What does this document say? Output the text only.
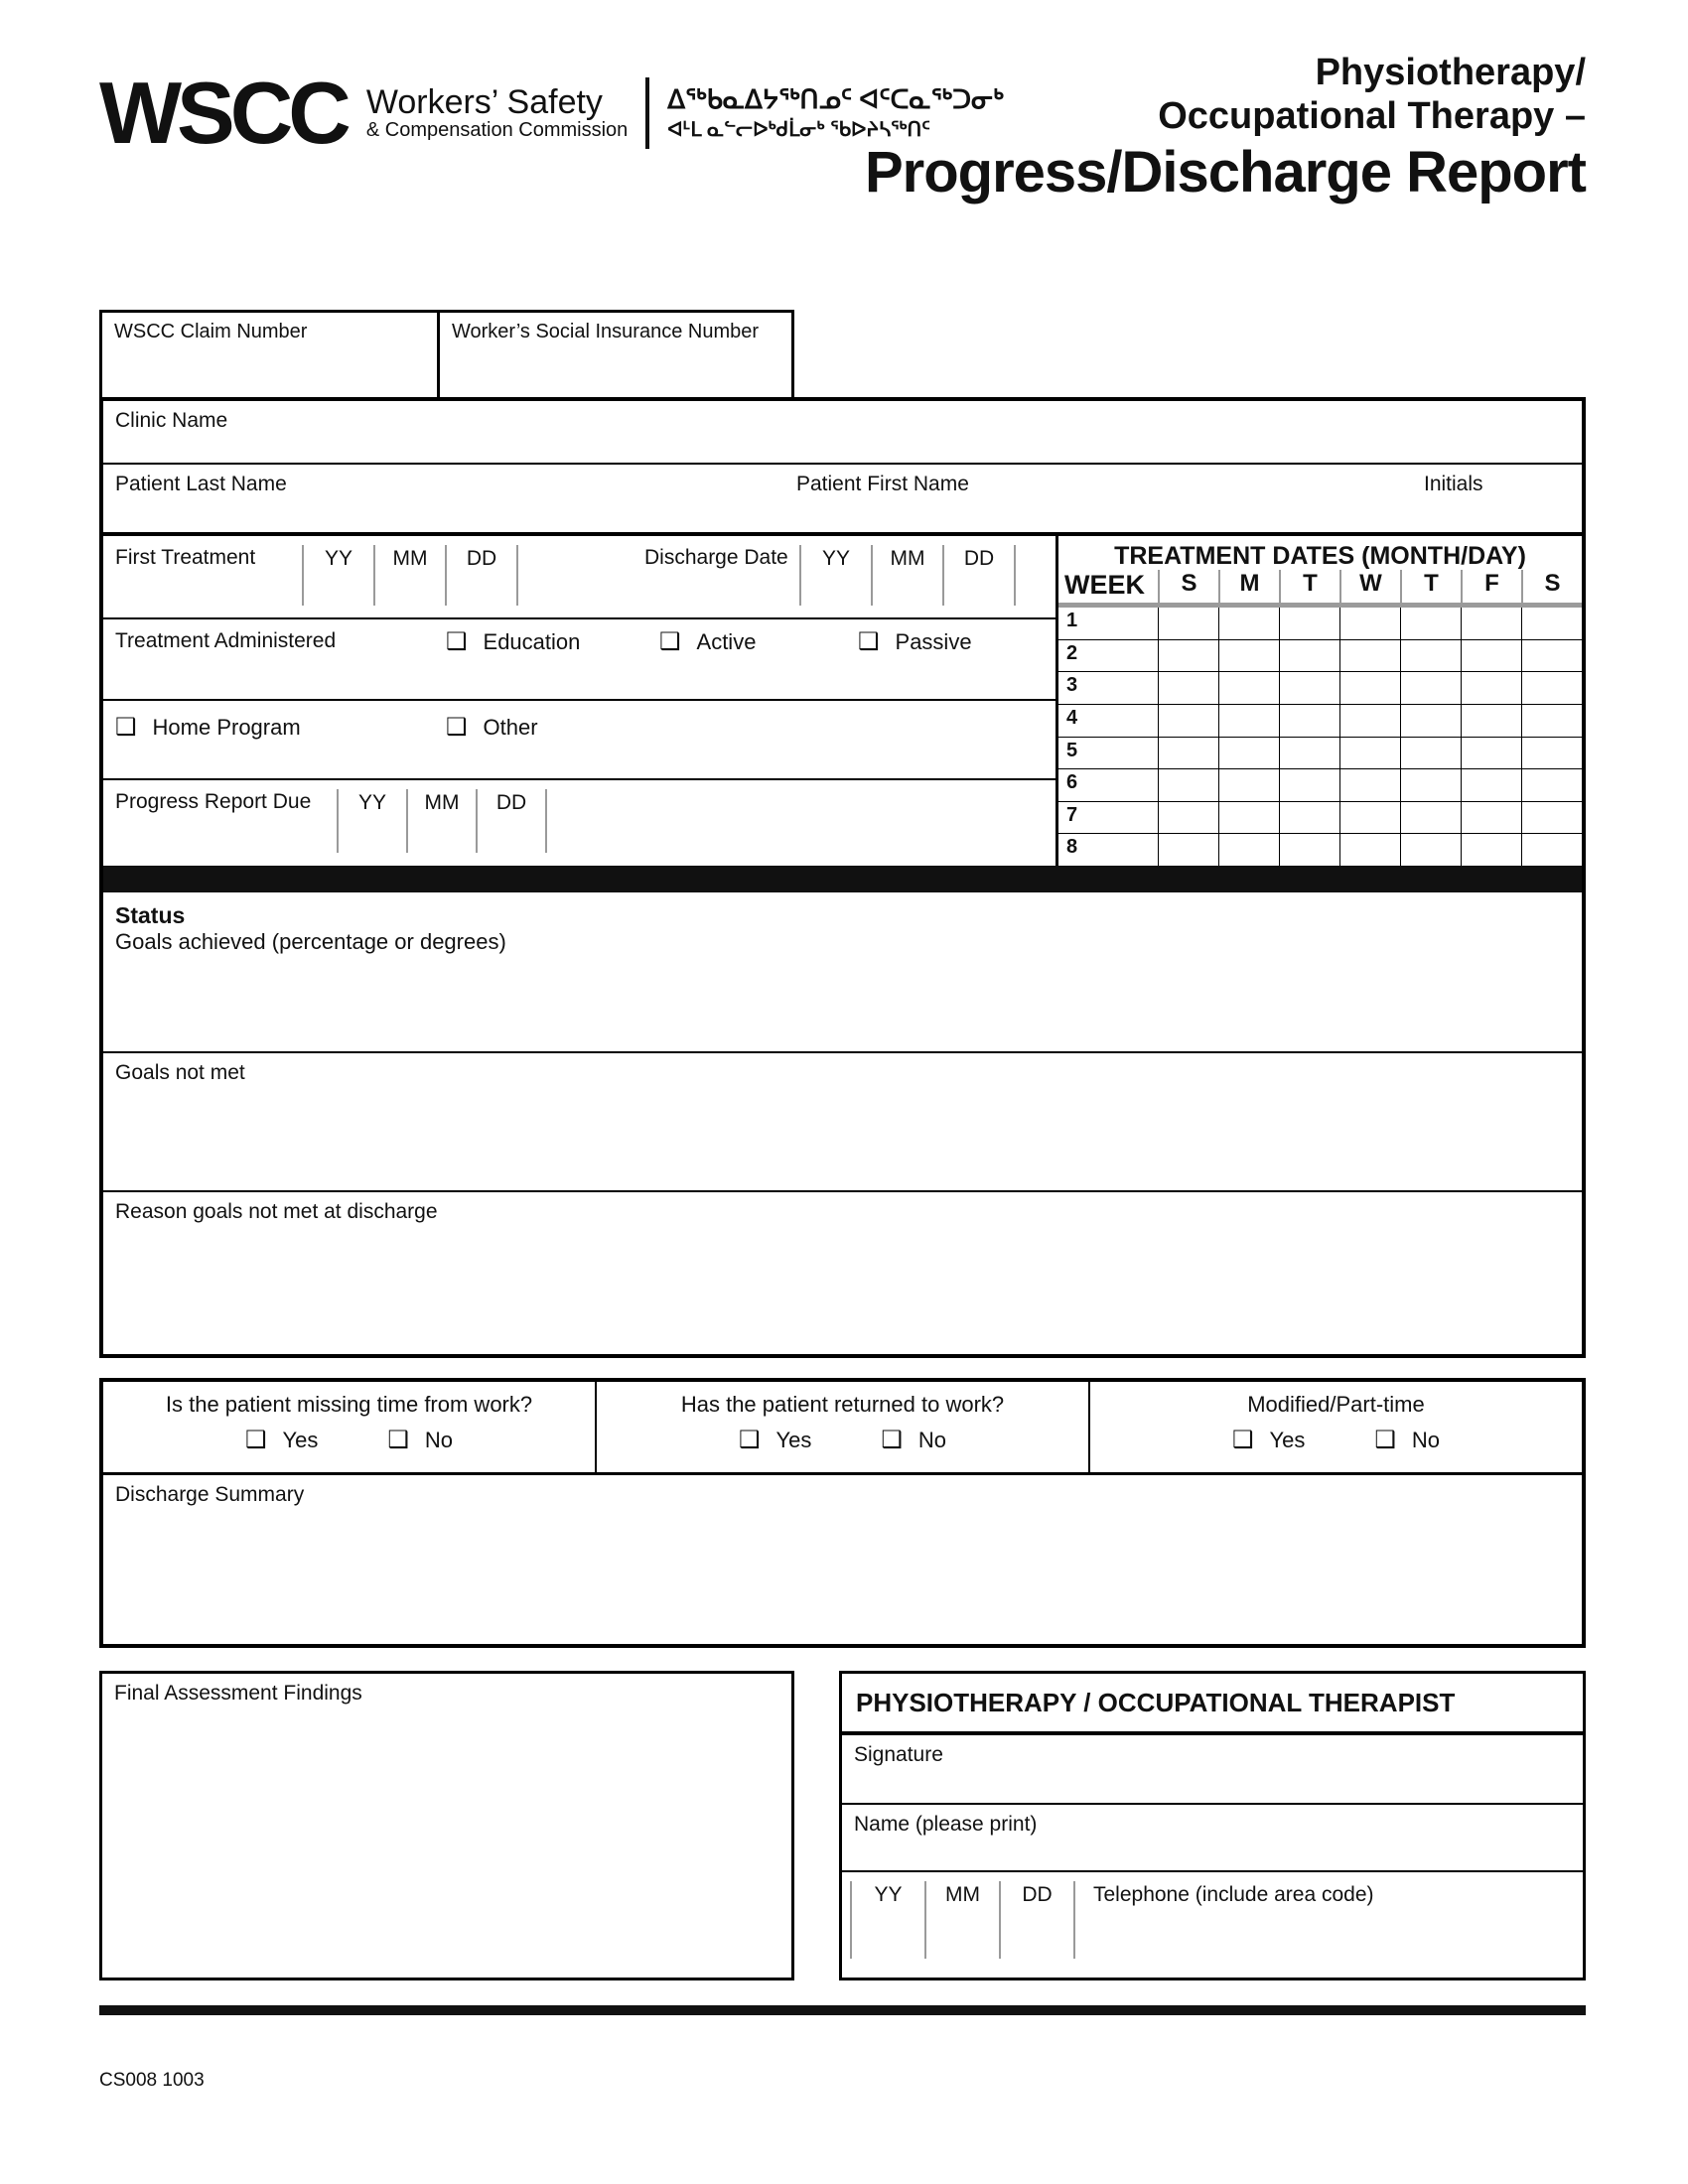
WSCC Workers’ Safety
& Compensation Commission
ᐃᖅᑲᓇᐃᔭᖅᑎᓄᑦ ᐊᑦᑕᓇᖅᑐᓂᒃ
ᐊᒻᒪ ᓇᓪᓕᐅᒃᑯᒫᓂᒃ ᖃᐅᔨᓴᖅᑎᑦ
Physiotherapy/
Occupational Therapy –
Progress/Discharge Report
WSCC Claim Number	Worker’s Social Insurance Number
Clinic Name
Patient Last Name	Patient First Name	Initials
First Treatment	YY	MM	DD	Discharge Date	YY	MM	DD
Treatment Administered	❑ Education	❑ Active	❑ Passive
❑ Home Program	❑ Other
Progress Report Due	YY	MM	DD
TREATMENT DATES (MONTH/DAY)
WEEK	S	M	T	W	T	F	S
1
2
3
4
5
6
7
8
Status
Goals achieved (percentage or degrees)
Goals not met
Reason goals not met at discharge
Is the patient missing time from work?
❑ Yes	❑ No
Has the patient returned to work?
❑ Yes	❑ No
Modified/Part-time
❑ Yes	❑ No
Discharge Summary
Final Assessment Findings	PHYSIOTHERAPY / OCCUPATIONAL THERAPIST
Signature
Name (please print)
YY	MM	DD	Telephone (include area code)
CS008 1003
